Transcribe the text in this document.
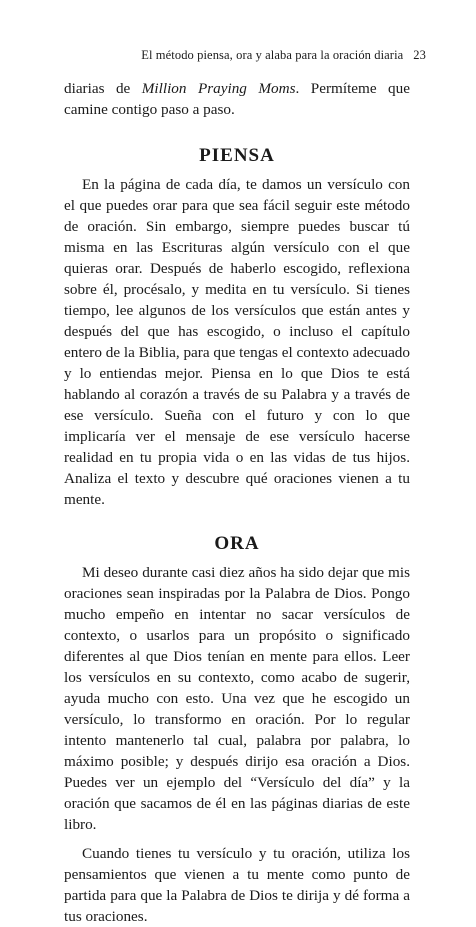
El método piensa, ora y alaba para la oración diaria 23

diarias de Million Praying Moms. Permíteme que camine contigo paso a paso.

PIENSA

En la página de cada día, te damos un versículo con el que puedes orar para que sea fácil seguir este método de oración. Sin embargo, siempre puedes buscar tú misma en las Escrituras algún versículo con el que quieras orar. Después de haberlo escogido, reflexiona sobre él, procésalo, y medita en tu versículo. Si tienes tiempo, lee algunos de los versículos que están antes y después del que has escogido, o incluso el capítulo entero de la Biblia, para que tengas el contexto adecuado y lo entiendas mejor. Piensa en lo que Dios te está hablando al corazón a través de su Palabra y a través de ese versículo. Sueña con el futuro y con lo que implicaría ver el mensaje de ese versículo hacerse realidad en tu propia vida o en las vidas de tus hijos. Analiza el texto y descubre qué oraciones vienen a tu mente.

ORA

Mi deseo durante casi diez años ha sido dejar que mis oraciones sean inspiradas por la Palabra de Dios. Pongo mucho empeño en intentar no sacar versículos de contexto, o usarlos para un propósito o significado diferentes al que Dios tenían en mente para ellos. Leer los versículos en su contexto, como acabo de sugerir, ayuda mucho con esto. Una vez que he escogido un versículo, lo transformo en oración. Por lo regular intento mantenerlo tal cual, palabra por palabra, lo máximo posible; y después dirijo esa oración a Dios. Puedes ver un ejemplo del “Versículo del día” y la oración que sacamos de él en las páginas diarias de este libro.

Cuando tienes tu versículo y tu oración, utiliza los pensamientos que vienen a tu mente como punto de partida para que la Palabra de Dios te dirija y dé forma a tus oraciones.
